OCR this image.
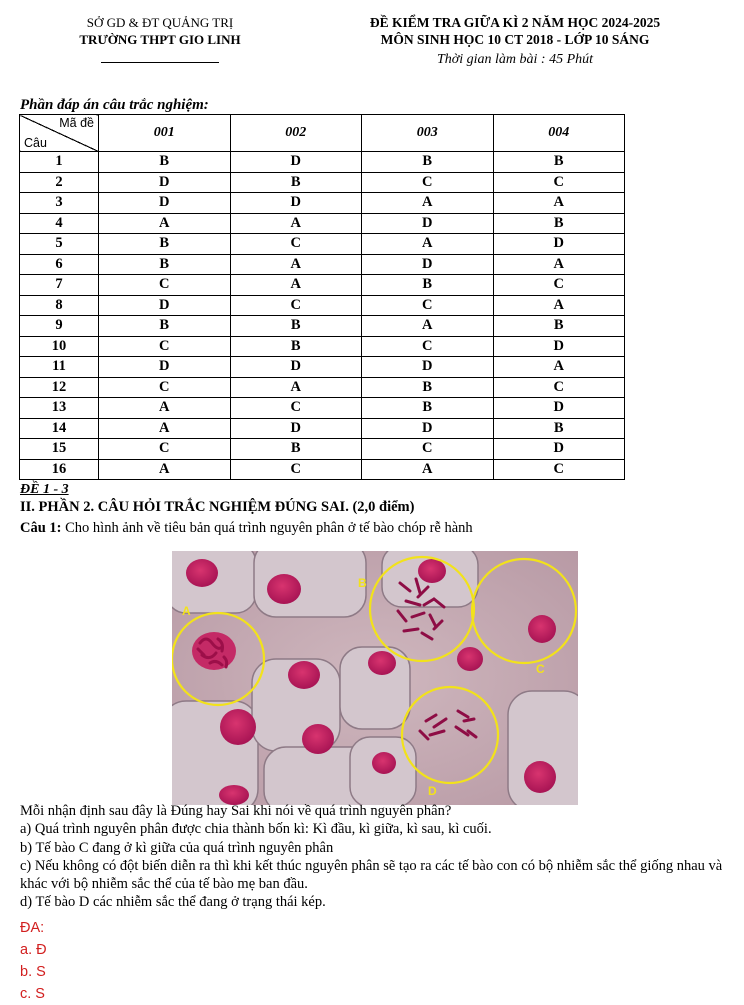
SỞ GD & ĐT QUẢNG TRỊ
TRƯỜNG THPT GIO LINH
ĐỀ KIỂM TRA GIỮA KÌ 2 NĂM HỌC 2024-2025
MÔN SINH HỌC 10 CT 2018 - LỚP 10 SÁNG
Thời gian làm bài : 45 Phút
Phần đáp án câu trắc nghiệm:
Mã đề
Câu	001	002	003	004
1	B	D	B	B
2	D	B	C	C
3	D	D	A	A
4	A	A	D	B
5	B	C	A	D
6	B	A	D	A
7	C	A	B	C
8	D	C	C	A
9	B	B	A	B
10	C	B	C	D
11	D	D	D	A
12	C	A	B	C
13	A	C	B	D
14	A	D	D	B
15	C	B	C	D
16	A	C	A	C
ĐỀ 1 - 3
II. PHẦN 2. CÂU HỎI TRẮC NGHIỆM ĐÚNG SAI. (2,0 điểm)
Câu 1: Cho hình ảnh về tiêu bản quá trình nguyên phân ở tế bào chóp rễ hành
A
B
C
D

Mỗi nhận định sau đây là Đúng hay Sai khi nói về quá trình nguyên phân?

a) Quá trình nguyên phân được chia thành bốn kì: Kì đầu, kì giữa, kì sau, kì cuối.

b) Tế bào C đang ở kì giữa của quá trình nguyên phân

c) Nếu không có đột biến diễn ra thì khi kết thúc nguyên phân sẽ tạo ra các tế bào con có bộ nhiễm sắc thể giống nhau và khác với bộ nhiễm sắc thể của tế bào mẹ ban đầu.

d) Tế bào D các nhiễm sắc thể đang ở trạng thái kép.

ĐA:

a. Đ

b. S

c. S
